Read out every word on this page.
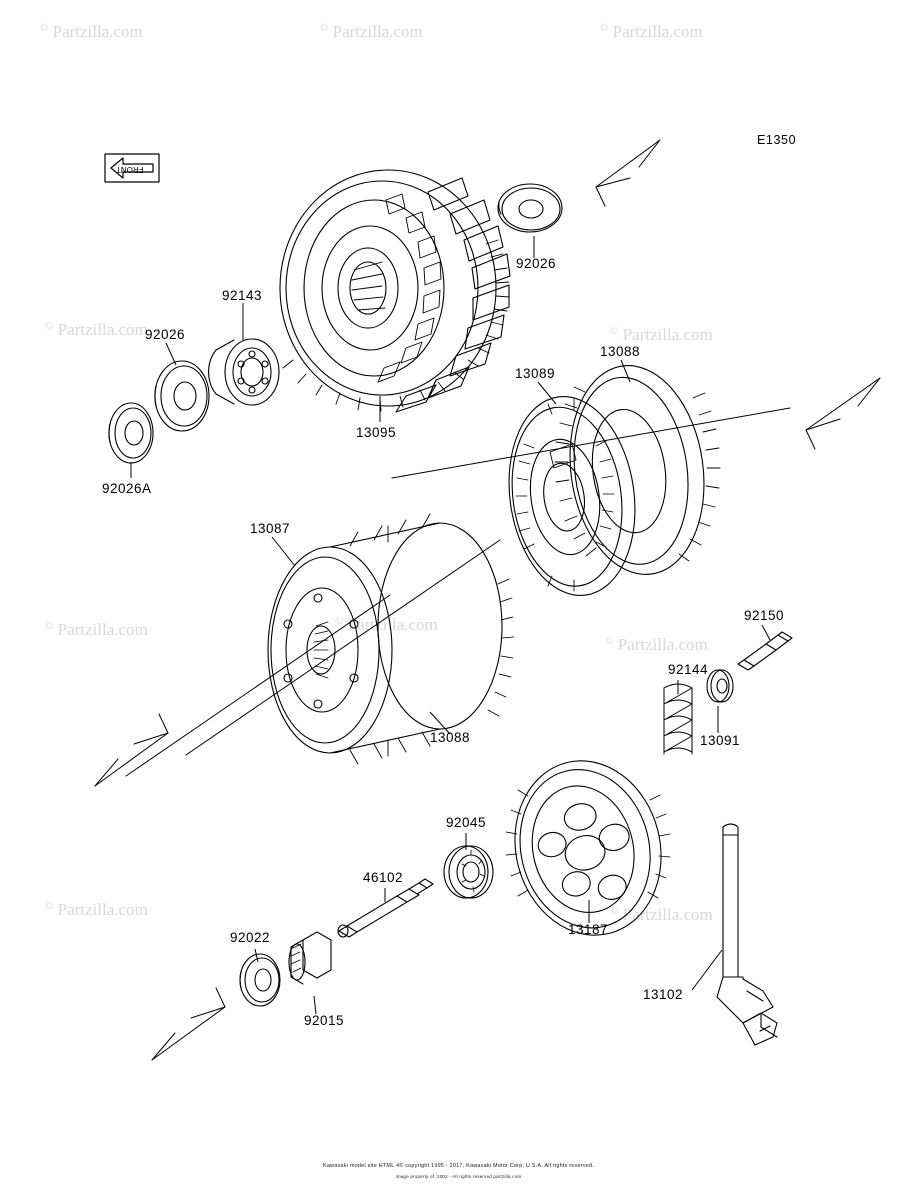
© Partzilla.com	© Partzilla.com	© Partzilla.com
© Partzilla.com	© Partzilla.com
© Partzilla.com	© Partzilla.com
© Partzilla.com
© Partzilla.com	© Partzilla.com
FRONT
E1350
92026
92143
92026
13095
92026A
13088
13089
13087
13088
92150
92144
13091
92045
46102
13187
92022
92015
13102
Kawasaki model site HTML 4© copyright 1995 - 2017, Kawasaki Motor Corp, U.S.A. All rights reserved.
image property of, 2002 - All rights reserved partzilla.com
